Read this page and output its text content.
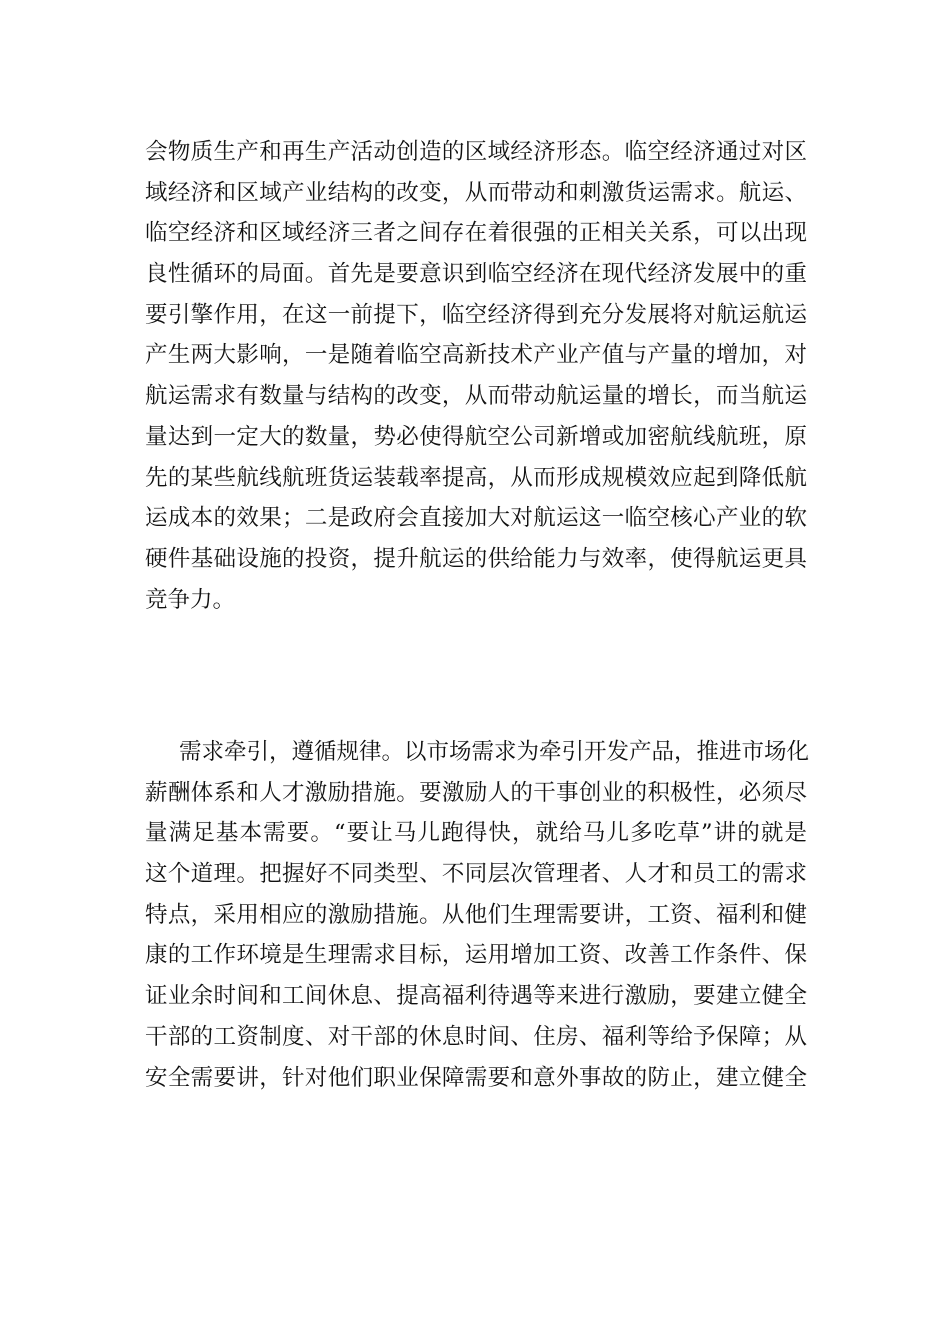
会物质生产和再生产活动创造的区域经济形态。临空经济通过对区
域经济和区域产业结构的改变，从而带动和刺激货运需求。航运、
临空经济和区域经济三者之间存在着很强的正相关关系，可以出现
良性循环的局面。首先是要意识到临空经济在现代经济发展中的重
要引擎作用，在这一前提下，临空经济得到充分发展将对航运航运
产生两大影响，一是随着临空高新技术产业产值与产量的增加，对
航运需求有数量与结构的改变，从而带动航运量的增长，而当航运
量达到一定大的数量，势必使得航空公司新增或加密航线航班，原
先的某些航线航班货运装载率提高，从而形成规模效应起到降低航
运成本的效果；二是政府会直接加大对航运这一临空核心产业的软
硬件基础设施的投资，提升航运的供给能力与效率，使得航运更具
竞争力。
需求牵引，遵循规律。以市场需求为牵引开发产品，推进市场化
薪酬体系和人才激励措施。要激励人的干事创业的积极性，必须尽
量满足基本需要。“要让马儿跑得快，就给马儿多吃草”讲的就是
这个道理。把握好不同类型、不同层次管理者、人才和员工的需求
特点，采用相应的激励措施。从他们生理需要讲，工资、福利和健
康的工作环境是生理需求目标，运用增加工资、改善工作条件、保
证业余时间和工间休息、提高福利待遇等来进行激励，要建立健全
干部的工资制度、对干部的休息时间、住房、福利等给予保障；从
安全需要讲，针对他们职业保障需要和意外事故的防止，建立健全
